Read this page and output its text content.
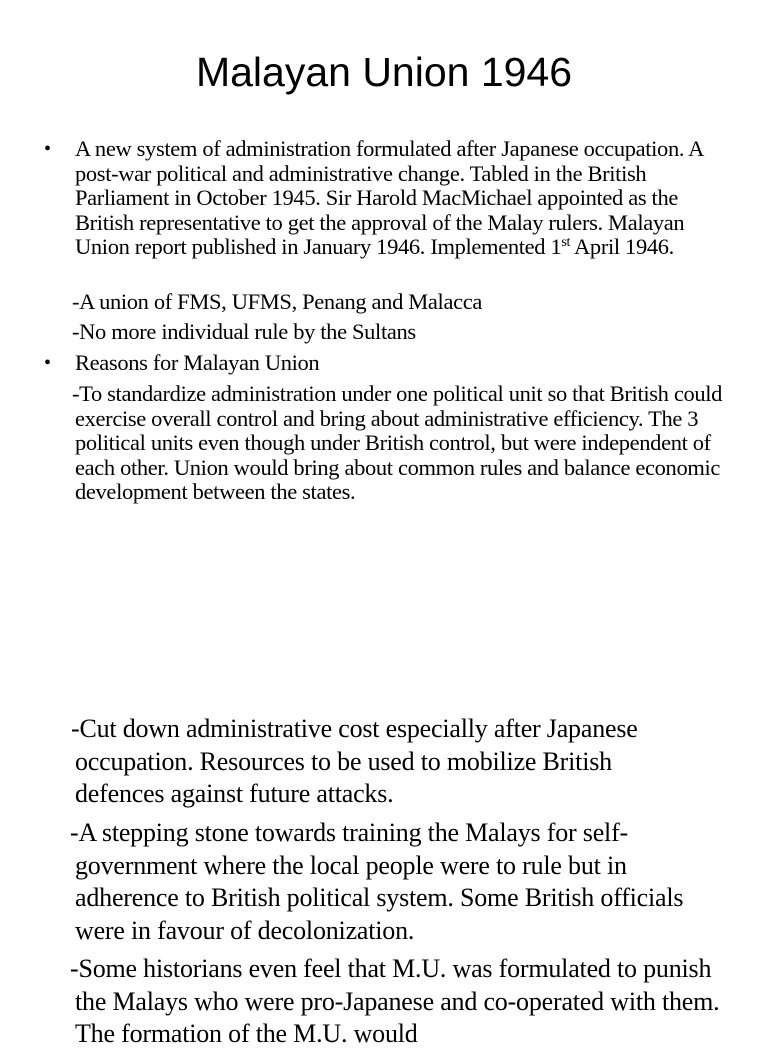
Malayan Union 1946
• A new system of administration formulated after Japanese occupation. A post-war political and administrative change. Tabled in the British Parliament in October 1945. Sir Harold MacMichael appointed as the British representative to get the approval of the Malay rulers. Malayan Union report published in January 1946. Implemented 1st April 1946.

-A union of FMS, UFMS, Penang and Malacca

-No more individual rule by the Sultans

• Reasons for Malayan Union

-To standardize administration under one political unit so that British could exercise overall control and bring about administrative efficiency. The 3 political units even though under British control, but were independent of each other. Union would bring about common rules and balance economic development between the states.

-Cut down administrative cost especially after Japanese occupation. Resources to be used to mobilize British defences against future attacks.

-A stepping stone towards training the Malays for self-government where the local people were to rule but in adherence to British political system. Some British officials were in favour of decolonization.

-Some historians even feel that M.U. was formulated to punish the Malays who were pro-Japanese and co-operated with them. The formation of the M.U. would
